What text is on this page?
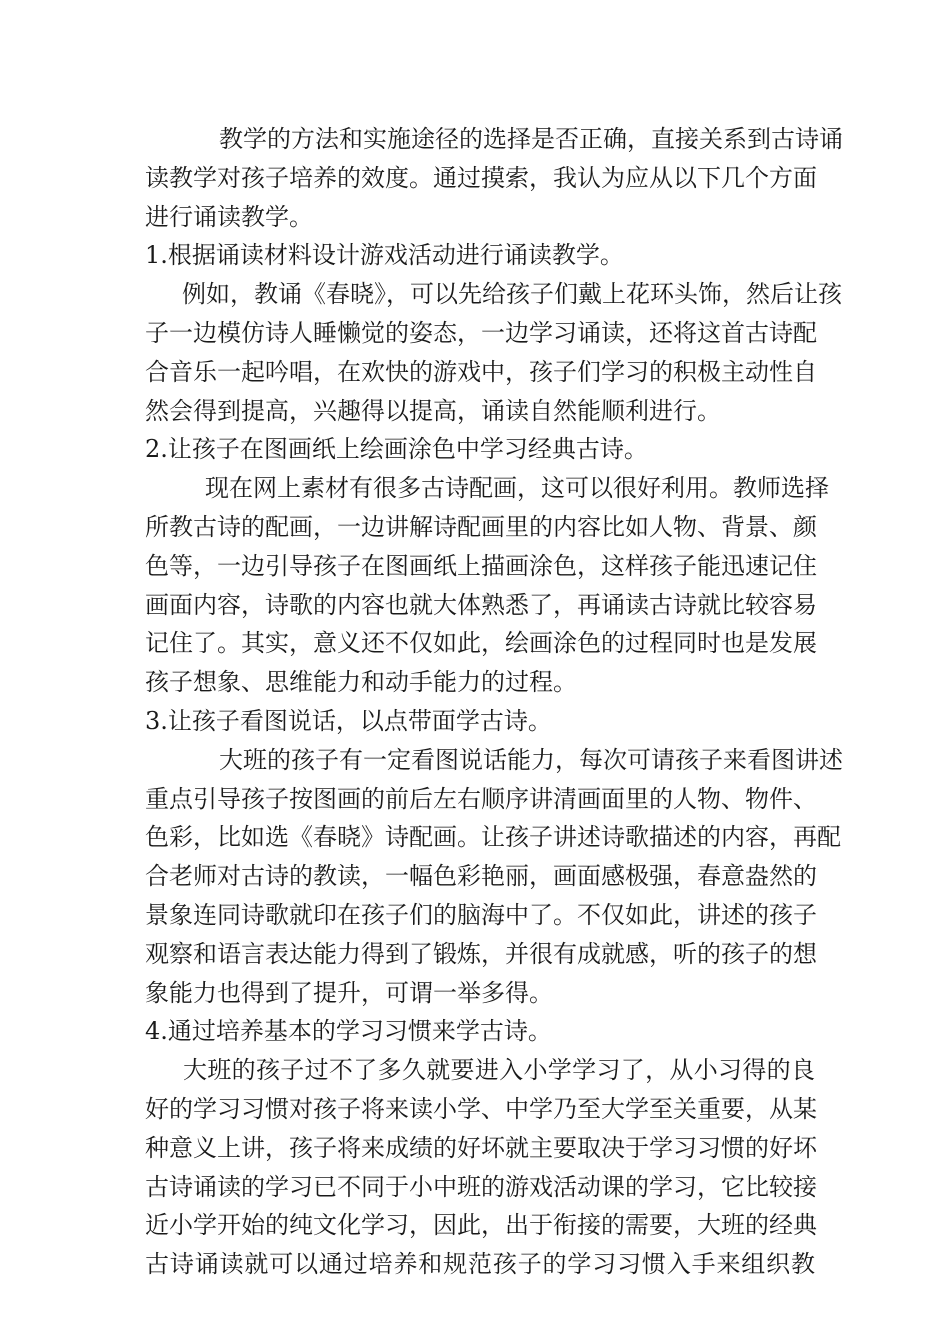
教学的方法和实施途径的选择是否正确，直接关系到古诗诵
读教学对孩子培养的效度。通过摸索，我认为应从以下几个方面
进行诵读教学。
1.根据诵读材料设计游戏活动进行诵读教学。
例如，教诵《春晓》，可以先给孩子们戴上花环头饰，然后让孩
子一边模仿诗人睡懒觉的姿态，一边学习诵读，还将这首古诗配
合音乐一起吟唱，在欢快的游戏中，孩子们学习的积极主动性自
然会得到提高，兴趣得以提高，诵读自然能顺利进行。
2.让孩子在图画纸上绘画涂色中学习经典古诗。
现在网上素材有很多古诗配画，这可以很好利用。教师选择
所教古诗的配画，一边讲解诗配画里的内容比如人物、背景、颜
色等，一边引导孩子在图画纸上描画涂色，这样孩子能迅速记住
画面内容，诗歌的内容也就大体熟悉了，再诵读古诗就比较容易
记住了。其实，意义还不仅如此，绘画涂色的过程同时也是发展
孩子想象、思维能力和动手能力的过程。
3.让孩子看图说话，以点带面学古诗。
大班的孩子有一定看图说话能力，每次可请孩子来看图讲述
重点引导孩子按图画的前后左右顺序讲清画面里的人物、物件、
色彩，比如选《春晓》诗配画。让孩子讲述诗歌描述的内容，再配
合老师对古诗的教读，一幅色彩艳丽，画面感极强，春意盎然的
景象连同诗歌就印在孩子们的脑海中了。不仅如此，讲述的孩子
观察和语言表达能力得到了锻炼，并很有成就感，听的孩子的想
象能力也得到了提升，可谓一举多得。
4.通过培养基本的学习习惯来学古诗。
大班的孩子过不了多久就要进入小学学习了，从小习得的良
好的学习习惯对孩子将来读小学、中学乃至大学至关重要，从某
种意义上讲，孩子将来成绩的好坏就主要取决于学习习惯的好坏
古诗诵读的学习已不同于小中班的游戏活动课的学习，它比较接
近小学开始的纯文化学习，因此，出于衔接的需要，大班的经典
古诗诵读就可以通过培养和规范孩子的学习习惯入手来组织教
